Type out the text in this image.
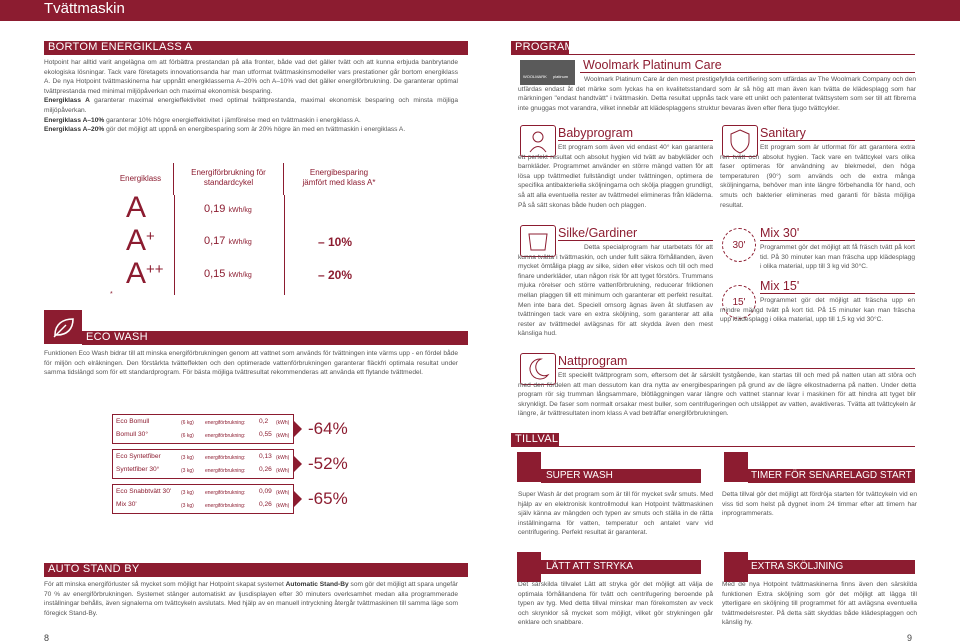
Tvättmaskin
BORTOM ENERGIKLASS A
Hotpoint har alltid varit angelägna om att förbättra prestandan på alla fronter, både vad det gäller tvätt och att kunna erbjuda banbrytande ekologiska lösningar. Tack vare företagets innovationsanda har man utformat tvättmaskinsmodeller vars prestationer går bortom energiklass A. De nya Hotpoint tvättmaskinerna har uppnått energiklasserna A–20% och A–10% vad det gäller energiförbrukning. De garanterar optimal tvättprestanda med minimal miljöpåverkan och maximal ekonomisk besparing.
Energiklass A garanterar maximal energieffektivitet med optimal tvättprestanda, maximal ekonomisk besparing och minsta möjliga miljöpåverkan.
Energiklass A–10% garanterar 10% högre energieffektivitet i jämförelse med en tvättmaskin i energiklass A.
Energiklass A–20% gör det möjligt att uppnå en energibesparing som är 20% högre än med en tvättmaskin i energiklass A.
Energiklass
Energiförbrukning för standardcykel
Energibesparing jämfört med klass A*
A	0,19 kWh/kg
A+	0,17 kWh/kg	– 10%
A++	0,15 kWh/kg	– 20%
*
ECO WASH
Funktionen Eco Wash bidrar till att minska energiförbrukningen genom att vattnet som används för tvättningen inte värms upp - en fördel både för miljön och elräkningen. Den förstärkta tvätteffekten och den optimerade vattenförbrukningen garanterar fläckfri optimala resultat under samma tidslängd som för ett standardprogram. För bästa möjliga tvättresultat rekommenderas att använda ett flytande tvättmedel.
Eco Bomull	(6 kg) energiförbrukning: 0,2 (kWh)
Bomull 30°	(6 kg) energiförbrukning: 0,55 (kWh) -64%
Eco Syntetfiber	(3 kg) energiförbrukning: 0,13 (kWh)
Syntetfiber 30°	(3 kg) energiförbrukning: 0,26 (kWh) -52%
Eco Snabbtvätt 30' (3 kg) energiförbrukning: 0,09 (kWh)
Mix 30'	(3 kg) energiförbrukning: 0,26 (kWh) -65%
AUTO STAND BY
För att minska energiförluster så mycket som möjligt har Hotpoint skapat systemet Automatic Stand-By som gör det möjligt att spara ungefär 70 % av energiförbrukningen. Systemet stänger automatiskt av ljusdisplayen efter 30 minuters overksamhet medan alla programmerade inställningar behålls, även signalerna om tvättcykeln avslutats. Med hjälp av en manuell intryckning återgår tvättmaskinen till samma läge som föregick Stand-By.
8
PROGRAM
WOOLMARK platinum
Woolmark Platinum Care
Woolmark Platinum Care är den mest prestigefyllda certifiering som utfärdas av The Woolmark Company och den utfärdas endast åt det märke som lyckas ha en kvalitetsstandard som är så hög att man även kan tvätta de klädesplagg som har märkningen "endast handtvätt" i tvättmaskin. Detta resultat uppnås tack vare ett unikt och patenterat tvättsystem som ser till att fibrerna inte gnuggas mot varandra, vilket innebär att klädesplaggens struktur bevaras även efter flera tjugo tvättcykler.
Babyprogram
Ett program som även vid endast 40° kan garantera ett perfekt resultat och absolut hygien vid tvätt av babykläder och barnkläder. Programmet använder en större mängd vatten för att lösa upp tvättmedlet fullständigt under tvättningen, optimera de specifika antibakteriella sköljningarna och skölja plaggen grundligt, så att alla eventuella rester av tvättmedel elimineras från kläderna. På så sätt skonas både huden och plaggen.
Sanitary
Ett program som är utformat för att garantera extra ren tvätt och absolut hygien. Tack vare en tvättcykel vars olika faser optimeras för användning av blekmedel, den höga temperaturen (90°) som används och de extra många sköljningarna, behöver man inte längre förbehandla för hand, och smuts och bakterier elimineras med garanti för bästa möjliga resultat.
Silke/Gardiner
Detta specialprogram har utarbetats för att kunna tvätta i tvättmaskin, och under fullt säkra förhållanden, även mycket ömtåliga plagg av silke, siden eller viskos och till och med finare underkläder, utan någon risk för att tyget förstörs. Trummans mjuka rörelser och större vattenförbrukning, reducerar friktionen mellan plaggen till ett minimum och garanterar ett perfekt resultat. Men inte bara det. Speciell omsorg ägnas även åt slutfasen av tvättningen tack vare en extra sköljning, som garanterar att alla rester av tvättmedel avlägsnas för att skydda även den mest känsliga hud.
30'
Mix 30'
Programmet gör det möjligt att få fräsch tvätt på kort tid. På 30 minuter kan man fräscha upp klädesplagg i olika material, upp till 3 kg vid 30°C.
15'
Mix 15'
Programmet gör det möjligt att fräscha upp en mindre mängd tvätt på kort tid. På 15 minuter kan man fräscha upp klädesplagg i olika material, upp till 1,5 kg vid 30°C.
Nattprogram
Ett speciellt tvättprogram som, eftersom det är särskilt tystgående, kan startas till och med på natten utan att störa och med den fördelen att man dessutom kan dra nytta av energibesparingen på grund av de lägre elkostnaderna på natten. Under detta program rör sig trumman långsammare, blötläggningen varar längre och vattnet stannar kvar i maskinen för att hindra att tyget blir skrynkligt. De faser som normalt orsakar mest buller, som centrifugeringen och utsläppet av vatten, avaktiveras. Tvätta att tvättcykeln är längre, är tvättresultaten inom klass A vad beträffar energiförbrukningen.
TILLVAL
SUPER WASH
Super Wash är det program som är till för mycket svår smuts. Med hjälp av en elektronisk kontrollmodul kan Hotpoint tvättmaskinen själv känna av mängden och typen av smuts och ställa in de rätta inställningarna för vatten, temperatur och antalet varv vid centrifugering. Perfekt resultat är garanterat.
TIMER FÖR SENARELAGD START
Detta tillval gör det möjligt att fördröja starten för tvättcykeln vid en viss tid som helst på dygnet inom 24 timmar efter att timern har inprogrammerats.
LÄTT ATT STRYKA
Det särskilda tillvalet Lätt att stryka gör det möjligt att välja de optimala förhållandena för tvätt och centrifugering beroende på typen av tyg. Med detta tillval minskar man förekomsten av veck och skrynklor så mycket som möjligt, vilket gör strykningen går enklare och snabbare.
EXTRA SKÖLJNING
Med de nya Hotpoint tvättmaskinerna finns även den särskilda funktionen Extra sköljning som gör det möjligt att lägga till ytterligare en sköljning till programmet för att avlägsna eventuella tvättmedelsrester. På detta sätt skyddas både klädesplaggen och känslig hy.
9
